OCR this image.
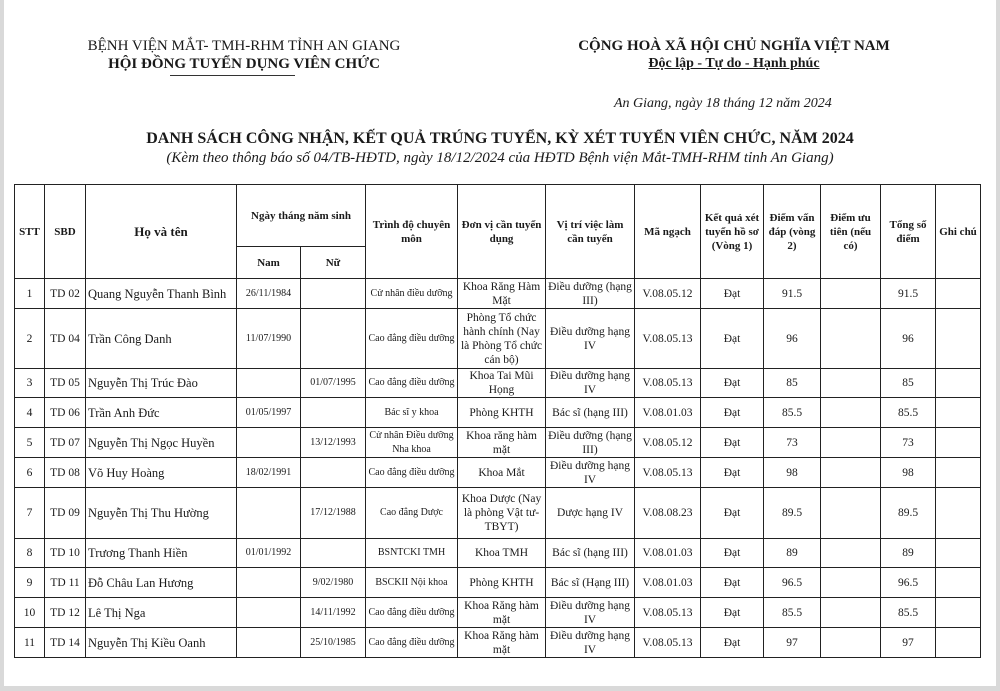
BỆNH VIỆN MẮT- TMH-RHM TỈNH AN GIANG
HỘI ĐỒNG TUYỂN DỤNG VIÊN CHỨC
CỘNG HOÀ XÃ HỘI CHỦ NGHĨA VIỆT NAM
Độc lập - Tự do - Hạnh phúc
An Giang, ngày 18 tháng 12 năm 2024
DANH SÁCH CÔNG NHẬN, KẾT QUẢ TRÚNG TUYỂN, KỲ XÉT TUYỂN VIÊN CHỨC, NĂM 2024
(Kèm theo thông báo số 04/TB-HĐTD, ngày 18/12/2024 của HĐTD Bệnh viện Mắt-TMH-RHM tỉnh An Giang)
STT	SBD	Họ và tên	Ngày tháng năm sinh		Trình độ chuyên môn	Đơn vị cần tuyển dụng	Vị trí việc làm cần tuyển	Mã ngạch	Kết quả xét tuyển hồ sơ (Vòng 1)	Điểm vấn đáp (vòng 2)	Điểm ưu tiên (nếu có)	Tổng số điểm	Ghi chú
			Nam	Nữ									
1	TD 02	Quang Nguyễn Thanh Bình	26/11/1984		Cử nhân điều dưỡng	Khoa Răng Hàm Mặt	Điều dưỡng (hạng III)	V.08.05.12	Đạt	91.5		91.5	
2	TD 04	Trần Công Danh	11/07/1990		Cao đẳng điều dưỡng	Phòng Tổ chức hành chính (Nay là Phòng Tổ chức cán bộ)	Điều dưỡng hạng IV	V.08.05.13	Đạt	96		96	
3	TD 05	Nguyễn Thị Trúc Đào		01/07/1995	Cao đẳng điều dưỡng	Khoa Tai Mũi Họng	Điều dưỡng hạng IV	V.08.05.13	Đạt	85		85	
4	TD 06	Trần Anh Đức	01/05/1997		Bác sĩ y khoa	Phòng KHTH	Bác sĩ (hạng III)	V.08.01.03	Đạt	85.5		85.5	
5	TD 07	Nguyễn Thị Ngọc Huyền		13/12/1993	Cử nhân Điều dưỡng Nha khoa	Khoa răng hàm mặt	Điều dưỡng (hạng III)	V.08.05.12	Đạt	73		73	
6	TD 08	Võ Huy Hoàng	18/02/1991		Cao đẳng điều dưỡng	Khoa Mắt	Điều dưỡng hạng IV	V.08.05.13	Đạt	98		98	
7	TD 09	Nguyễn Thị Thu Hường		17/12/1988	Cao đẳng Dược	Khoa Dược (Nay là phòng Vật tư-TBYT)	Dược hạng IV	V.08.08.23	Đạt	89.5		89.5	
8	TD 10	Trương Thanh Hiền	01/01/1992		BSNTCKI TMH	Khoa TMH	Bác sĩ (hạng III)	V.08.01.03	Đạt	89		89	
9	TD 11	Đỗ Châu Lan Hương		9/02/1980	BSCKII Nội khoa	Phòng KHTH	Bác sĩ (Hạng III)	V.08.01.03	Đạt	96.5		96.5	
10	TD 12	Lê Thị Nga		14/11/1992	Cao đẳng điều dưỡng	Khoa Răng hàm mặt	Điều dưỡng hạng IV	V.08.05.13	Đạt	85.5		85.5	
11	TD 14	Nguyễn Thị Kiều Oanh		25/10/1985	Cao đẳng điều dưỡng	Khoa Răng hàm mặt	Điều dưỡng hạng IV	V.08.05.13	Đạt	97		97	
